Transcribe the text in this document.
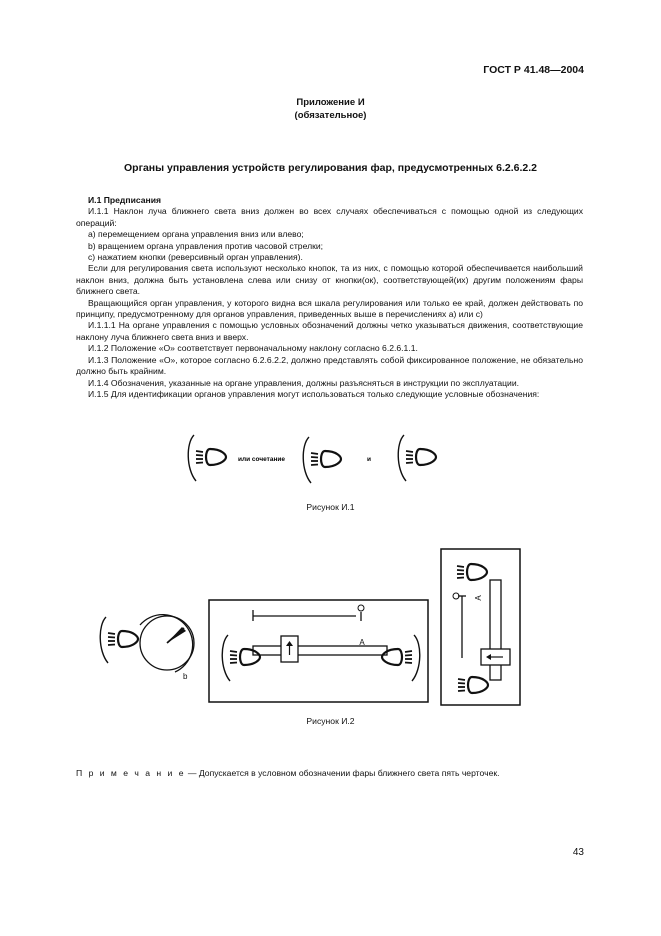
ГОСТ Р 41.48—2004
Приложение И
(обязательное)
Органы управления устройств регулирования фар, предусмотренных 6.2.6.2.2

И.1 Предписания

И.1.1 Наклон луча ближнего света вниз должен во всех случаях обеспечиваться с помощью одной из следующих операций:

а) перемещением органа управления вниз или влево;

b) вращением органа управления против часовой стрелки;

с) нажатием кнопки (реверсивный орган управления).

Если для регулирования света используют несколько кнопок, та из них, с помощью которой обеспечивается наибольший наклон вниз, должна быть установлена слева или снизу от кнопки(ок), соответствующей(их) другим положениям фары ближнего света.

Вращающийся орган управления, у которого видна вся шкала регулирования или только ее край, должен действовать по принципу, предусмотренному для органов управления, приведенных выше в перечислениях а) или с)

И.1.1.1 На органе управления с помощью условных обозначений должны четко указываться движения, соответствующие наклону луча ближнего света вниз и вверх.

И.1.2 Положение «О» соответствует первоначальному наклону согласно 6.2.6.1.1.

И.1.3 Положение «О», которое согласно 6.2.6.2.2, должно представлять собой фиксированное положение, не обязательно должно быть крайним.

И.1.4 Обозначения, указанные на органе управления, должны разъясняться в инструкции по эксплуатации.

И.1.5 Для идентификации органов управления могут использоваться только следующие условные обозначения:

или сочетание	и
О
А
А
b
Рисунок И.1
Рисунок И.2
П р и м е ч а н и е — Допускается в условном обозначении фары ближнего света пять черточек.
43
